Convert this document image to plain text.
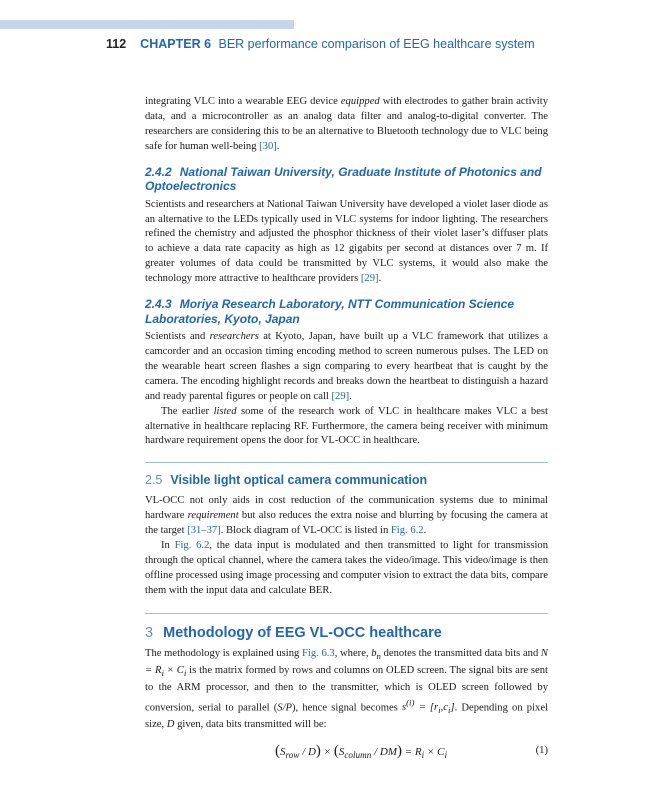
112 CHAPTER 6 BER performance comparison of EEG healthcare system

integrating VLC into a wearable EEG device equipped with electrodes to gather brain activity data, and a microcontroller as an analog data filter and analog-to-digital converter. The researchers are considering this to be an alternative to Bluetooth technology due to VLC being safe for human well-being [30].

2.4.2 National Taiwan University, Graduate Institute of Photonics and Optoelectronics

Scientists and researchers at National Taiwan University have developed a violet laser diode as an alternative to the LEDs typically used in VLC systems for indoor lighting. The researchers refined the chemistry and adjusted the phosphor thickness of their violet laser’s diffuser plats to achieve a data rate capacity as high as 12 gigabits per second at distances over 7 m. If greater volumes of data could be transmitted by VLC systems, it would also make the technology more attractive to healthcare providers [29].

2.4.3 Moriya Research Laboratory, NTT Communication Science Laboratories, Kyoto, Japan

Scientists and researchers at Kyoto, Japan, have built up a VLC framework that utilizes a camcorder and an occasion timing encoding method to screen numerous pulses. The LED on the wearable heart screen flashes a sign comparing to every heartbeat that is caught by the camera. The encoding highlight records and breaks down the heartbeat to distinguish a hazard and ready parental figures or people on call [29].

The earlier listed some of the research work of VLC in healthcare makes VLC a best alternative in healthcare replacing RF. Furthermore, the camera being receiver with minimum hardware requirement opens the door for VL-OCC in healthcare.

2.5 Visible light optical camera communication

VL-OCC not only aids in cost reduction of the communication systems due to minimal hardware requirement but also reduces the extra noise and blurring by focusing the camera at the target [31–37]. Block diagram of VL-OCC is listed in Fig. 6.2.

In Fig. 6.2, the data input is modulated and then transmitted to light for transmission through the optical channel, where the camera takes the video/image. This video/image is then offline processed using image processing and computer vision to extract the data bits, compare them with the input data and calculate BER.

3 Methodology of EEG VL-OCC healthcare

The methodology is explained using Fig. 6.3, where, $b_n$ denotes the transmitted data bits and $N = R_i \times C_i$ is the matrix formed by rows and columns on OLED screen. The signal bits are sent to the ARM processor, and then to the transmitter, which is OLED screen followed by conversion, serial to parallel (S/P), hence signal becomes $s^{(i)} = [r_i,c_i]$. Depending on pixel size, D given, data bits transmitted will be:

$(S_{row} / D) \times (S_{column} / DM) = R_i \times C_i$	(1)
